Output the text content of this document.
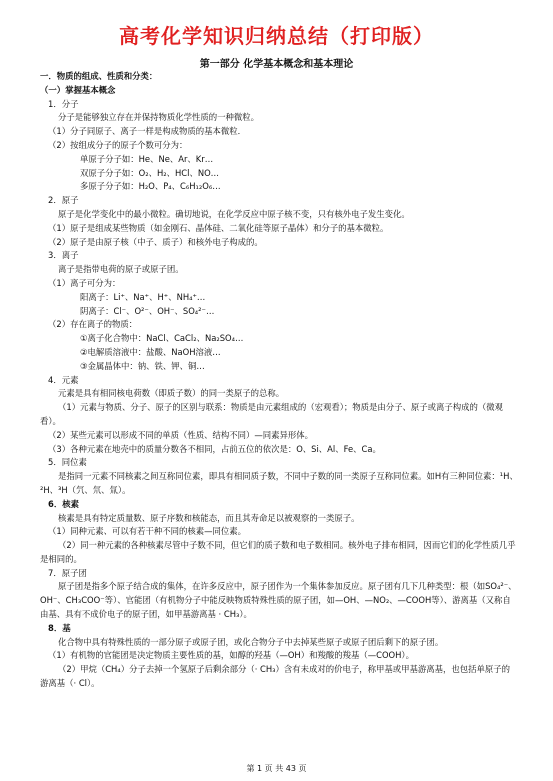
高考化学知识归纳总结（打印版）
第一部分 化学基本概念和基本理论
一．物质的组成、性质和分类：
（一）掌握基本概念
1．分子
分子是能够独立存在并保持物质化学性质的一种微粒。
（1）分子同原子、离子一样是构成物质的基本微粒．
（2）按组成分子的原子个数可分为：
单原子分子如：He、Ne、Ar、Kr…
双原子分子如：O₂、H₂、HCl、NO…
多原子分子如：H₂O、P₄、C₆H₁₂O₆…
2．原子
原子是化学变化中的最小微粒。确切地说，在化学反应中原子核不变，只有核外电子发生变化。
（1）原子是组成某些物质（如金刚石、晶体硅、二氧化硅等原子晶体）和分子的基本微粒。
（2）原子是由原子核（中子、质子）和核外电子构成的。
3．离子
离子是指带电荷的原子或原子团。
（1）离子可分为：
阳离子：Li⁺、Na⁺、H⁺、NH₄⁺…
阴离子：Cl⁻、O²⁻、OH⁻、SO₄²⁻…
（2）存在离子的物质：
①离子化合物中：NaCl、CaCl₂、Na₂SO₄…
②电解质溶液中：盐酸、NaOH溶液…
③金属晶体中：钠、铁、钾、铜…
4．元素
元素是具有相同核电荷数（即质子数）的同一类原子的总称。
（1）元素与物质、分子、原子的区别与联系：物质是由元素组成的（宏观看）；物质是由分子、原子或离子构成的（微观看）。
（2）某些元素可以形成不同的单质（性质、结构不同）—同素异形体。
（3）各种元素在地壳中的质量分数各不相同，占前五位的依次是：O、Si、Al、Fe、Ca。
5．同位素
是指同一元素不同核素之间互称同位素，即具有相同质子数，不同中子数的同一类原子互称同位素。如H有三种同位素：¹H、²H、³H（氕、氘、氚）。
6．核素
核素是具有特定质量数、原子序数和核能态，而且其寿命足以被观察的一类原子。
（1）同种元素、可以有若干种不同的核素—同位素。
（2）同一种元素的各种核素尽管中子数不同，但它们的质子数和电子数相同。核外电子排布相同，因而它们的化学性质几乎是相同的。
7．原子团
原子团是指多个原子结合成的集体，在许多反应中，原子团作为一个集体参加反应。原子团有几下几种类型：根（如SO₄²⁻、OH⁻、CH₃COO⁻等）、官能团（有机物分子中能反映物质特殊性质的原子团，如—OH、—NO₂、—COOH等）、游离基（又称自由基、具有不成价电子的原子团，如甲基游离基 · CH₃）。
8．基
化合物中具有特殊性质的一部分原子或原子团，或化合物分子中去掉某些原子或原子团后剩下的原子团。
（1）有机物的官能团是决定物质主要性质的基，如醇的羟基（—OH）和羧酸的羧基（—COOH）。
（2）甲烷（CH₄）分子去掉一个氢原子后剩余部分（· CH₃）含有未成对的价电子，称甲基或甲基游离基，也包括单原子的游离基（· Cl）。
第 1 页 共 43 页
